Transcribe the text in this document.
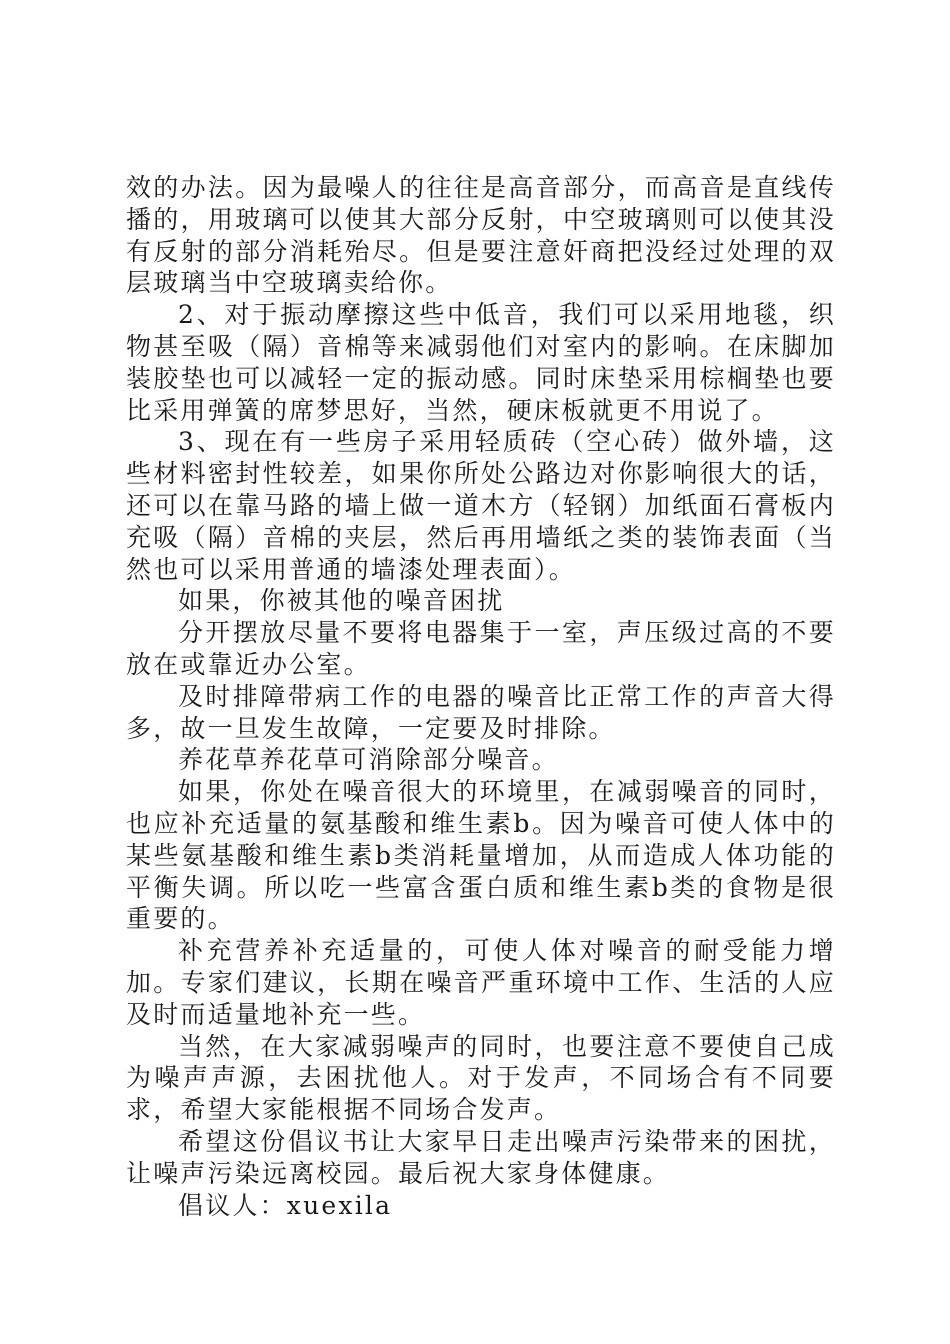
效的办法。因为最噪人的往往是高音部分，而高音是直线传播的，用玻璃可以使其大部分反射，中空玻璃则可以使其没有反射的部分消耗殆尽。但是要注意奸商把没经过处理的双层玻璃当中空玻璃卖给你。

2、对于振动摩擦这些中低音，我们可以采用地毯，织物甚至吸（隔）音棉等来减弱他们对室内的影响。在床脚加装胶垫也可以减轻一定的振动感。同时床垫采用棕榈垫也要比采用弹簧的席梦思好，当然，硬床板就更不用说了。

3、现在有一些房子采用轻质砖（空心砖）做外墙，这些材料密封性较差，如果你所处公路边对你影响很大的话，还可以在靠马路的墙上做一道木方（轻钢）加纸面石膏板内充吸（隔）音棉的夹层，然后再用墙纸之类的装饰表面（当然也可以采用普通的墙漆处理表面）。

如果，你被其他的噪音困扰

分开摆放尽量不要将电器集于一室，声压级过高的不要放在或靠近办公室。

及时排障带病工作的电器的噪音比正常工作的声音大得多，故一旦发生故障，一定要及时排除。

养花草养花草可消除部分噪音。

如果，你处在噪音很大的环境里，在减弱噪音的同时，也应补充适量的氨基酸和维生素b。因为噪音可使人体中的某些氨基酸和维生素b类消耗量增加，从而造成人体功能的平衡失调。所以吃一些富含蛋白质和维生素b类的食物是很重要的。

补充营养补充适量的，可使人体对噪音的耐受能力增加。专家们建议，长期在噪音严重环境中工作、生活的人应及时而适量地补充一些。

当然，在大家减弱噪声的同时，也要注意不要使自己成为噪声声源，去困扰他人。对于发声，不同场合有不同要求，希望大家能根据不同场合发声。

希望这份倡议书让大家早日走出噪声污染带来的困扰，让噪声污染远离校园。最后祝大家身体健康。

倡议人：xuexila
